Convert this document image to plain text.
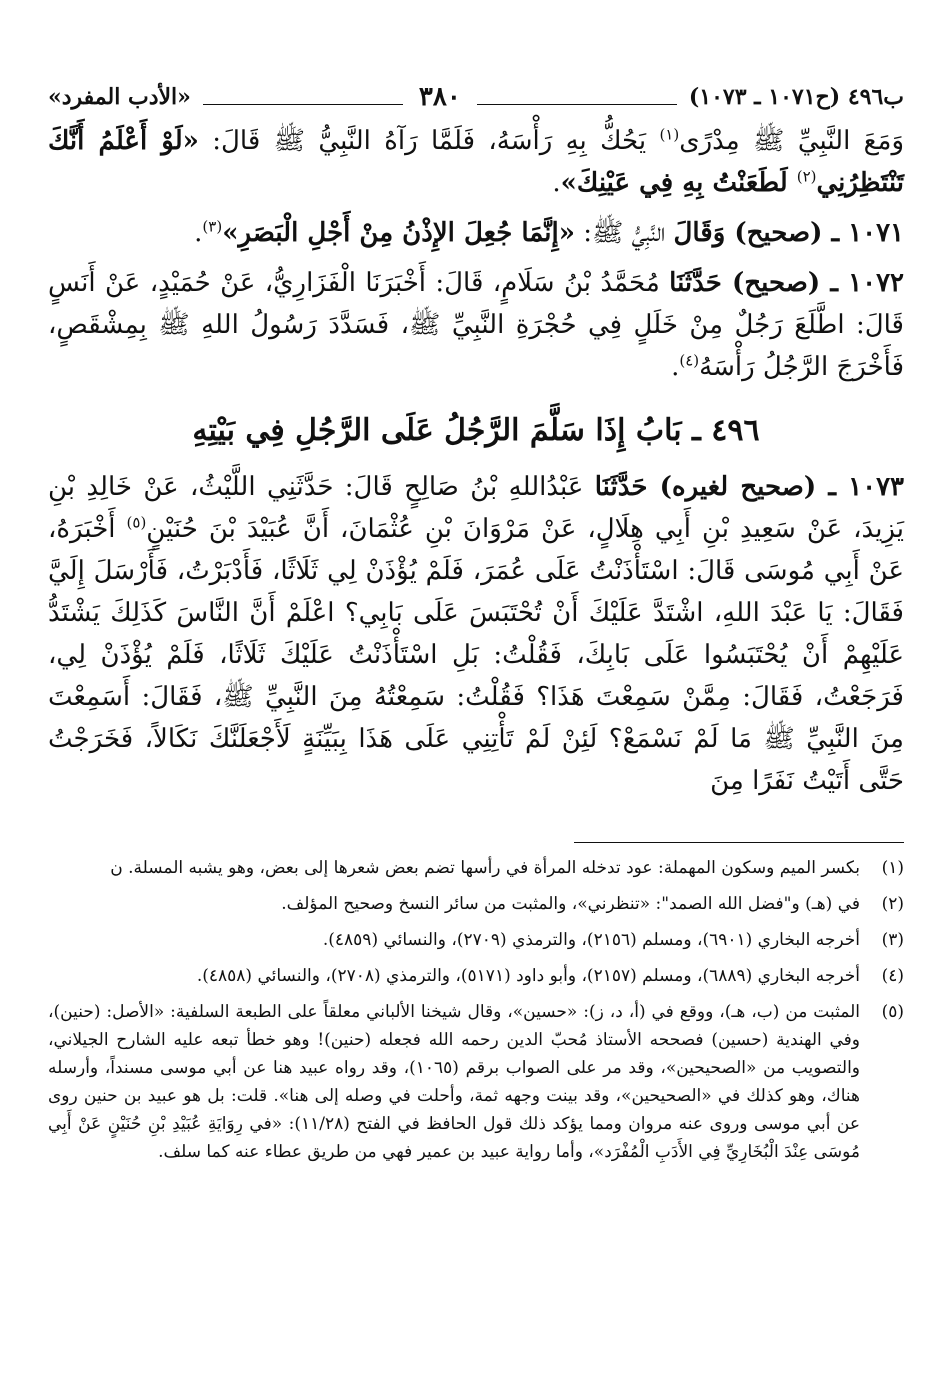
ب٤٩٦ (ح١٠٧١ ـ ١٠٧٣)
٣٨٠
«الأدب المفرد»

وَمَعَ النَّبِيِّ ﷺ مِدْرًى$^{(١)}$ يَحُكُّ بِهِ رَأْسَهُ، فَلَمَّا رَآهُ النَّبِيُّ ﷺ قَالَ: «لَوْ أَعْلَمُ أَنَّكَ تَنْتَظِرُنِي$^{(٢)}$ لَطَعَنْتُ بِهِ فِي عَيْنِكَ».

١٠٧١ ـ (صحيح) وَقَالَ النَّبِيُّ ﷺ: «إِنَّمَا جُعِلَ الإِذْنُ مِنْ أَجْلِ الْبَصَرِ»$^{(٣)}$.

١٠٧٢ ـ (صحيح) حَدَّثَنَا مُحَمَّدُ بْنُ سَلَامٍ، قَالَ: أَخْبَرَنَا الْفَزَارِيُّ، عَنْ حُمَيْدٍ، عَنْ أَنَسٍ قَالَ: اطَّلَعَ رَجُلٌ مِنْ خَلَلٍ فِي حُجْرَةِ النَّبِيِّ ﷺ، فَسَدَّدَ رَسُولُ اللهِ ﷺ بِمِشْقَصٍ، فَأَخْرَجَ الرَّجُلُ رَأْسَهُ$^{(٤)}$.

٤٩٦ ـ بَابُ إِذَا سَلَّمَ الرَّجُلُ عَلَى الرَّجُلِ فِي بَيْتِهِ

١٠٧٣ ـ (صحيح لغيره) حَدَّثَنَا عَبْدُاللهِ بْنُ صَالِحٍ قَالَ: حَدَّثَنِي اللَّيْثُ، عَنْ خَالِدِ بْنِ يَزِيدَ، عَنْ سَعِيدِ بْنِ أَبِي هِلَالٍ، عَنْ مَرْوَانَ بْنِ عُثْمَانَ، أَنَّ عُبَيْدَ بْنَ حُنَيْنٍ$^{(٥)}$ أَخْبَرَهُ، عَنْ أَبِي مُوسَى قَالَ: اسْتَأْذَنْتُ عَلَى عُمَرَ، فَلَمْ يُؤْذَنْ لِي ثَلَاثًا، فَأَدْبَرْتُ، فَأَرْسَلَ إِلَيَّ فَقَالَ: يَا عَبْدَ اللهِ، اشْتَدَّ عَلَيْكَ أَنْ تُحْتَبَسَ عَلَى بَابِي؟ اعْلَمْ أَنَّ النَّاسَ كَذَلِكَ يَشْتَدُّ عَلَيْهِمْ أَنْ يُحْتَبَسُوا عَلَى بَابِكَ، فَقُلْتُ: بَلِ اسْتَأْذَنْتُ عَلَيْكَ ثَلَاثًا، فَلَمْ يُؤْذَنْ لِي، فَرَجَعْتُ، فَقَالَ: مِمَّنْ سَمِعْتَ هَذَا؟ فَقُلْتُ: سَمِعْتُهُ مِنَ النَّبِيِّ ﷺ، فَقَالَ: أَسَمِعْتَ مِنَ النَّبِيِّ ﷺ مَا لَمْ نَسْمَعْ؟ لَئِنْ لَمْ تَأْتِنِي عَلَى هَذَا بِبَيِّنَةٍ لَأَجْعَلَنَّكَ نَكَالاً، فَخَرَجْتُ حَتَّى أَتَيْتُ نَفَرًا مِنَ

(١)
بكسر الميم وسكون المهملة: عود تدخله المرأة في رأسها تضم بعض شعرها إلى بعض، وهو يشبه المسلة. ن
(٢)
في (هـ) و"فضل الله الصمد": «تنظرني»، والمثبت من سائر النسخ وصحيح المؤلف.
(٣)
أخرجه البخاري (٦٩٠١)، ومسلم (٢١٥٦)، والترمذي (٢٧٠٩)، والنسائي (٤٨٥٩).
(٤)
أخرجه البخاري (٦٨٨٩)، ومسلم (٢١٥٧)، وأبو داود (٥١٧١)، والترمذي (٢٧٠٨)، والنسائي (٤٨٥٨).
(٥)
المثبت من (ب، هـ)، ووقع في (أ، د، ز): «حسين»، وقال شيخنا الألباني معلقاً على الطبعة السلفية: «الأصل: (حنين)، وفي الهندية (حسين) فصححه الأستاذ مُحبّ الدين رحمه الله فجعله (حنين)! وهو خطأ تبعه عليه الشارح الجيلاني، والتصويب من «الصحيحين»، وقد مر على الصواب برقم (١٠٦٥)، وقد رواه عبيد هنا عن أبي موسى مسنداً، وأرسله هناك، وهو كذلك في «الصحيحين»، وقد بينت وجهه ثمة، وأحلت في وصله إلى هنا». قلت: بل هو عبيد بن حنين روى عن أبي موسى وروى عنه مروان ومما يؤكد ذلك قول الحافظ في الفتح (١١/٢٨): «في رِوَايَةِ عُبَيْدِ بْنِ حُنَيْنٍ عَنْ أَبِي مُوسَى عِنْدَ الْبُخَارِيِّ فِي الأَدَبِ الْمُفْرَد»، وأما رواية عبيد بن عمير فهي من طريق عطاء عنه كما سلف.
